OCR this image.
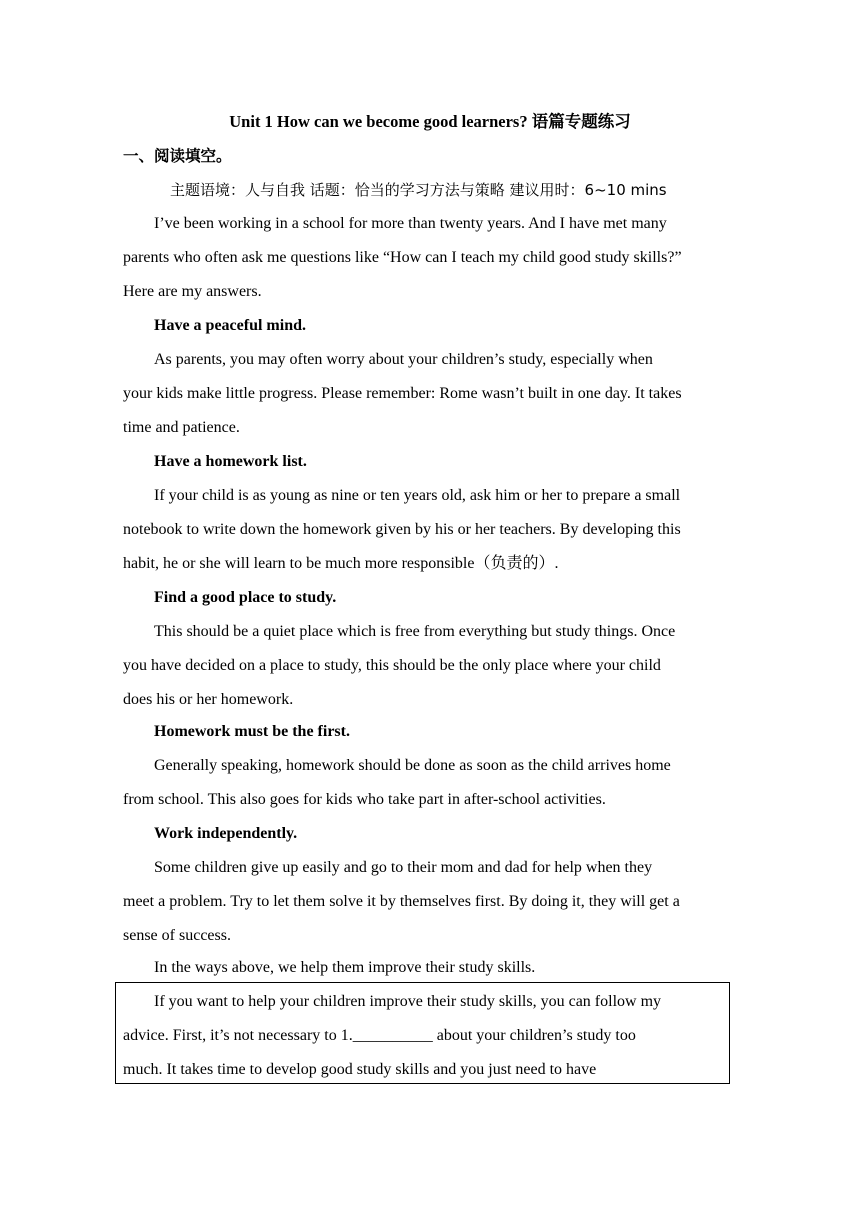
Unit 1 How can we become good learners? 语篇专题练习
一、阅读填空。
主题语境：人与自我 话题：恰当的学习方法与策略 建议用时：6~10 mins
I’ve been working in a school for more than twenty years. And I have met many
parents who often ask me questions like “How can I teach my child good study skills?”
Here are my answers.
Have a peaceful mind.
As parents, you may often worry about your children’s study, especially when
your kids make little progress. Please remember: Rome wasn’t built in one day. It takes
time and patience.
Have a homework list.
If your child is as young as nine or ten years old, ask him or her to prepare a small
notebook to write down the homework given by his or her teachers. By developing this
habit, he or she will learn to be much more responsible（负责的）.
Find a good place to study.
This should be a quiet place which is free from everything but study things. Once
you have decided on a place to study, this should be the only place where your child
does his or her homework.
Homework must be the first.
Generally speaking, homework should be done as soon as the child arrives home
from school. This also goes for kids who take part in after-school activities.
Work independently.
Some children give up easily and go to their mom and dad for help when they
meet a problem. Try to let them solve it by themselves first. By doing it, they will get a
sense of success.
In the ways above, we help them improve their study skills.
If you want to help your children improve their study skills, you can follow my
advice. First, it’s not necessary to 1.__________ about your children’s study too
much. It takes time to develop good study skills and you just need to have
